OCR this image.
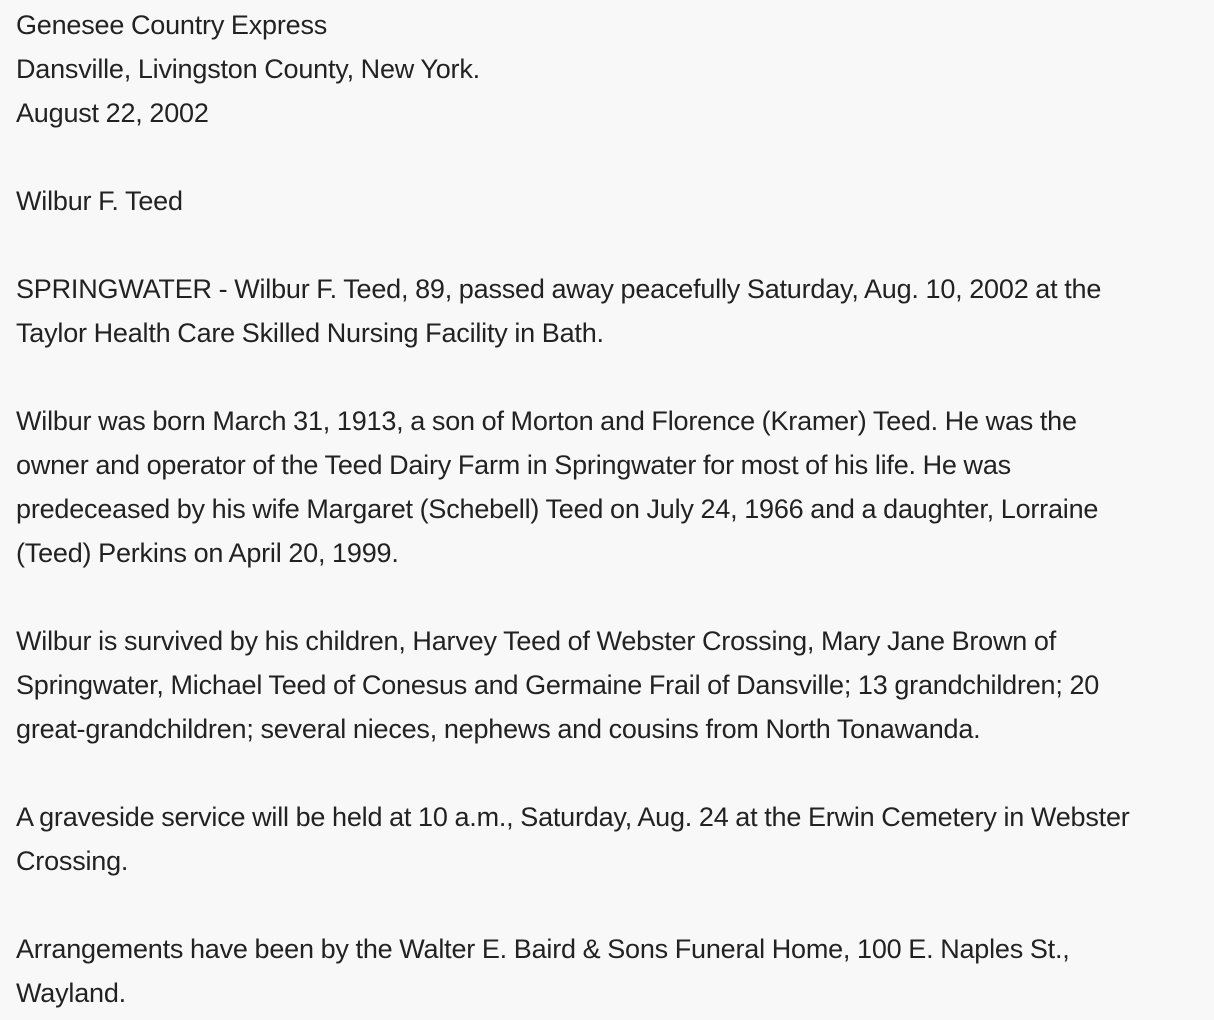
Genesee Country Express
Dansville, Livingston County, New York.
August 22, 2002
Wilbur F. Teed
SPRINGWATER - Wilbur F. Teed, 89, passed away peacefully Saturday, Aug. 10, 2002 at the
Taylor Health Care Skilled Nursing Facility in Bath.
Wilbur was born March 31, 1913, a son of Morton and Florence (Kramer) Teed. He was the
owner and operator of the Teed Dairy Farm in Springwater for most of his life. He was
predeceased by his wife Margaret (Schebell) Teed on July 24, 1966 and a daughter, Lorraine
(Teed) Perkins on April 20, 1999.
Wilbur is survived by his children, Harvey Teed of Webster Crossing, Mary Jane Brown of
Springwater, Michael Teed of Conesus and Germaine Frail of Dansville; 13 grandchildren; 20
great-grandchildren; several nieces, nephews and cousins from North Tonawanda.
A graveside service will be held at 10 a.m., Saturday, Aug. 24 at the Erwin Cemetery in Webster
Crossing.
Arrangements have been by the Walter E. Baird & Sons Funeral Home, 100 E. Naples St.,
Wayland.
